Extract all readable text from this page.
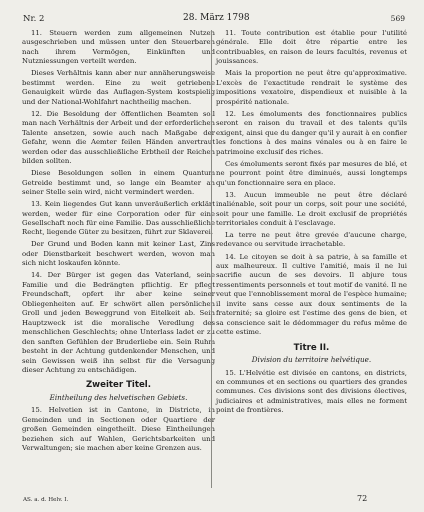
Nr. 2	28. März 1798	569

11. Steuern werden zum allgemeinen Nutzen ausgeschrieben und müssen unter den Steuerbaren nach ihrem Vermögen, Einkünften und Nutzniessungen verteilt werden.

Dieses Verhältnis kann aber nur annäherungsweise bestimmt werden. Eine zu weit getriebene Genauigkeit würde das Auflagen-System kostspielig und der National-Wohlfahrt nachtheilig machen.

12. Die Besoldung der öffentlichen Beamten soll man nach Verhältnis der Arbeit und der erforderlichen Talente ansetzen, sowie auch nach Maßgabe der Gefahr, wenn die Aemter feilen Händen anvertraut werden oder das ausschließliche Erbtheil der Reichen bilden sollten.

Diese Besoldungen sollen in einem Quantum Getreide bestimmt und, so lange ein Beamter an seiner Stelle sein wird, nicht vermindert werden.

13. Kein liegendes Gut kann unveräußerlich erklärt werden, weder für eine Corporation oder für eine Gesellschaft noch für eine Familie. Das ausschließliche Recht, liegende Güter zu besitzen, führt zur Sklaverei.

Der Grund und Boden kann mit keiner Last, Zins oder Dienstbarkeit beschwert werden, wovon man sich nicht loskaufen könnte.

14. Der Bürger ist gegen das Vaterland, seine Familie und die Bedrängten pflichtig. Er pflegt Freundschaft, opfert ihr aber keine seiner Obliegenheiten auf. Er schwört allen persönlichen Groll und jeden Beweggrund von Eitelkeit ab. Sein Hauptzweck ist die moralische Veredlung des menschlichen Geschlechts; ohne Unterlass ladet er zu den sanften Gefühlen der Bruderliebe ein. Sein Ruhm besteht in der Achtung gutdenkender Menschen, und sein Gewissen weiß ihn selbst für die Versagung dieser Achtung zu entschädigen.

Zweiter Titel.
Eintheilung des helvetischen Gebiets.

15. Helvetien ist in Cantone, in Districte, in Gemeinden und in Sectionen oder Quartiere der großen Gemeinden eingetheilt. Diese Eintheilungen beziehen sich auf Wahlen, Gerichtsbarkeiten und Verwaltungen; sie machen aber keine Grenzen aus.

11. Toute contribution est établie pour l'utilité générale. Elle doit être répartie entre les contribuables, en raison de leurs facultés, revenus et jouissances.

Mais la proportion ne peut être qu'approximative. L'excès de l'exactitude rendrait le système des impositions vexatoire, dispendieux et nuisible à la prospérité nationale.

12. Les émoluments des fonctionnaires publics seront en raison du travail et des talents qu'ils exigent, ainsi que du danger qu'il y aurait à en confier les fonctions à des mains vénales ou à en faire le patrimoine exclusif des riches.

Ces émoluments seront fixés par mesures de blé, et ne pourront point être diminués, aussi longtemps qu'un fonctionnaire sera en place.

13. Aucun immeuble ne peut être déclaré inaliénable, soit pour un corps, soit pour une société, soit pour une famille. Le droit exclusif de propriétés territoriales conduit à l'esclavage.

La terre ne peut être grevée d'aucune charge, redevance ou servitude irrachetable.

14. Le citoyen se doit à sa patrie, à sa famille et aux malheureux. Il cultive l'amitié, mais il ne lui sacrifie aucun de ses devoirs. Il abjure tous ressentiments personnels et tout motif de vanité. Il ne veut que l'ennoblissement moral de l'espèce humaine; il invite sans cesse aux doux sentiments de la fraternité; sa gloire est l'estime des gens de bien, et sa conscience sait le dédommager du refus même de cette estime.

Titre II.
Division du territoire helvétique.

15. L'Helvétie est divisée en cantons, en districts, en communes et en sections ou quartiers des grandes communes. Ces divisions sont des divisions électives, judiciaires et administratives, mais elles ne forment point de frontières.

AS. a. d. Helv. I.	72
